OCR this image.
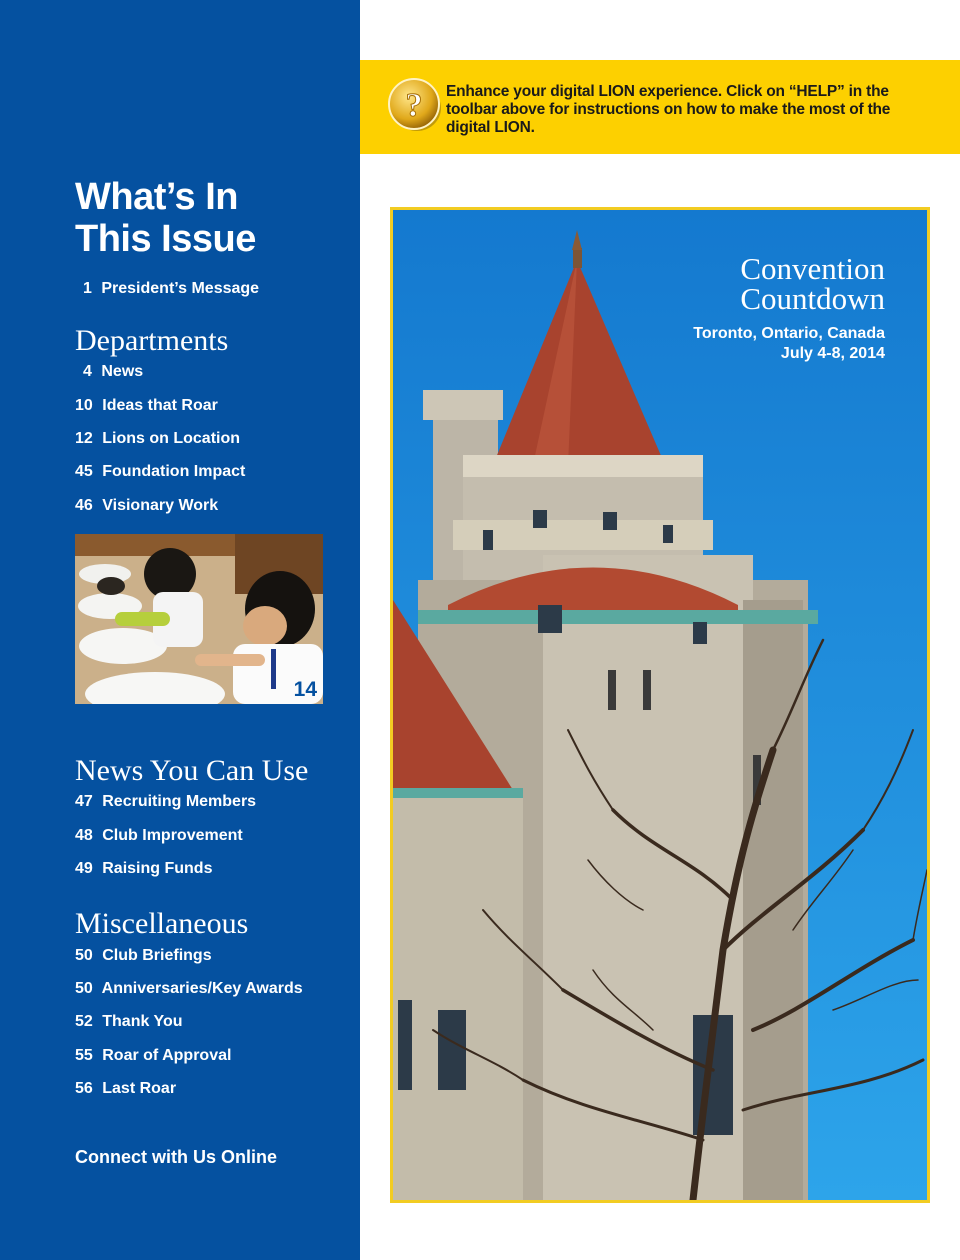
What’s In
This Issue
1 President’s Message
Departments
4 News
10 Ideas that Roar
12 Lions on Location
45 Foundation Impact
46 Visionary Work
14
News You Can Use
47 Recruiting Members
48 Club Improvement
49 Raising Funds
Miscellaneous
50 Club Briefings
50 Anniversaries/Key Awards
52 Thank You
55 Roar of Approval
56 Last Roar
Connect with Us Online
? Enhance your digital LION experience. Click on “HELP” in the toolbar above for instructions on how to make the most of the digital LION.

Convention
Countdown
Toronto, Ontario, Canada
July 4-8, 2014
